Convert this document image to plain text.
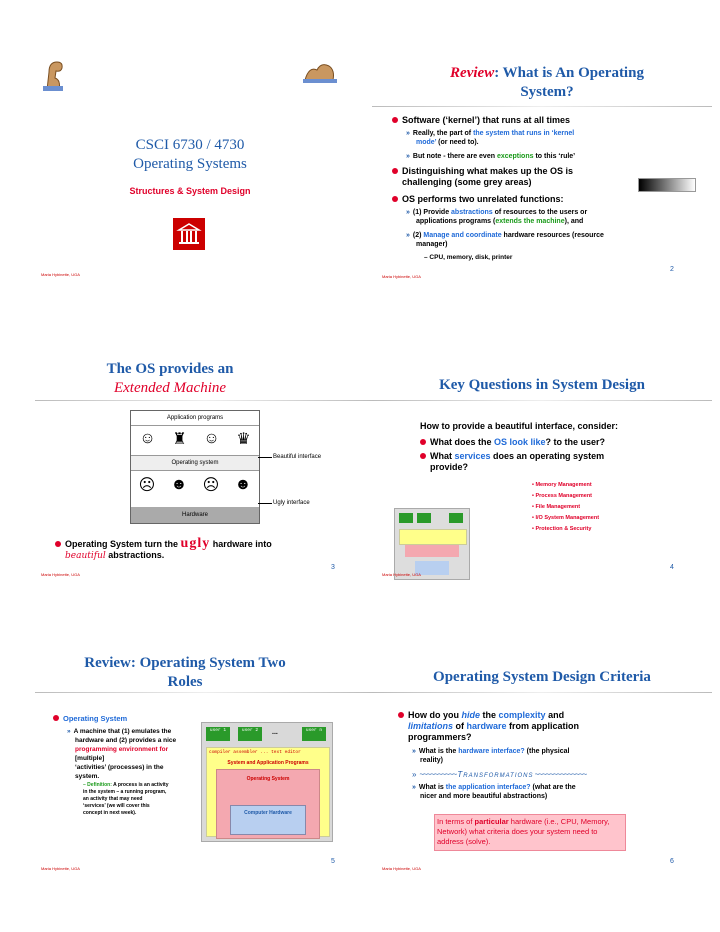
CSCI 6730 / 4730
Operating Systems
Structures & System Design
Maria Hybinette, UGA
Review: What is An Operating
System?
Software (‘kernel’) that runs at all times
» Really, the part of the system that runs in ‘kernel
mode’ (or need to).
» But note - there are even exceptions to this ‘rule’
Distinguishing what makes up the OS is
challenging (some grey areas)
OS performs two unrelated functions:
» (1) Provide abstractions of resources to the users or
applications programs (extends the machine), and
» (2) Manage and coordinate hardware resources (resource
manager)
– CPU, memory, disk, printer
2
Maria Hybinette, UGA
The OS provides an
Extended Machine
Application programs
☺ ♜ ☺ ♛
Operating system
☹ ☻ ☹ ☻
Hardware
Beautiful interface
Ugly interface
Operating System turn the ugly hardware into
beautiful abstractions.
3
Maria Hybinette, UGA
Key Questions in System Design
How to provide a beautiful interface, consider:
What does the OS look like? to the user?
What services does an operating system
provide?
• Memory Management
• Process Management
• File Management
• I/O System Management
• Protection & Security
4
Maria Hybinette, UGA
Review: Operating System Two
Roles
Operating System
» A machine that (1) emulates the
hardware and (2) provides a nice
programming environment for
[multiple]
‘activities’ (processes) in the
system.
– Definition: A process is an activity
in the system – a running program,
an activity that may need
‘services’ (we will cover this
concept in next week).
user 1	user 2	...	user n
compiler assembler ... text editor
System and Application Programs
Operating System
Computer Hardware
5
Maria Hybinette, UGA
Operating System Design Criteria
How do you hide the complexity and
limitations of hardware from application
programmers?
» What is the hardware interface? (the physical
reality)
» ~~~~~~~~~~ Transformations ~~~~~~~~~~~~~~
» What is the application interface? (what are the
nicer and more beautiful abstractions)
In terms of particular hardware (i.e., CPU, Memory, Network) what criteria does your system need to address (solve).
6
Maria Hybinette, UGA
